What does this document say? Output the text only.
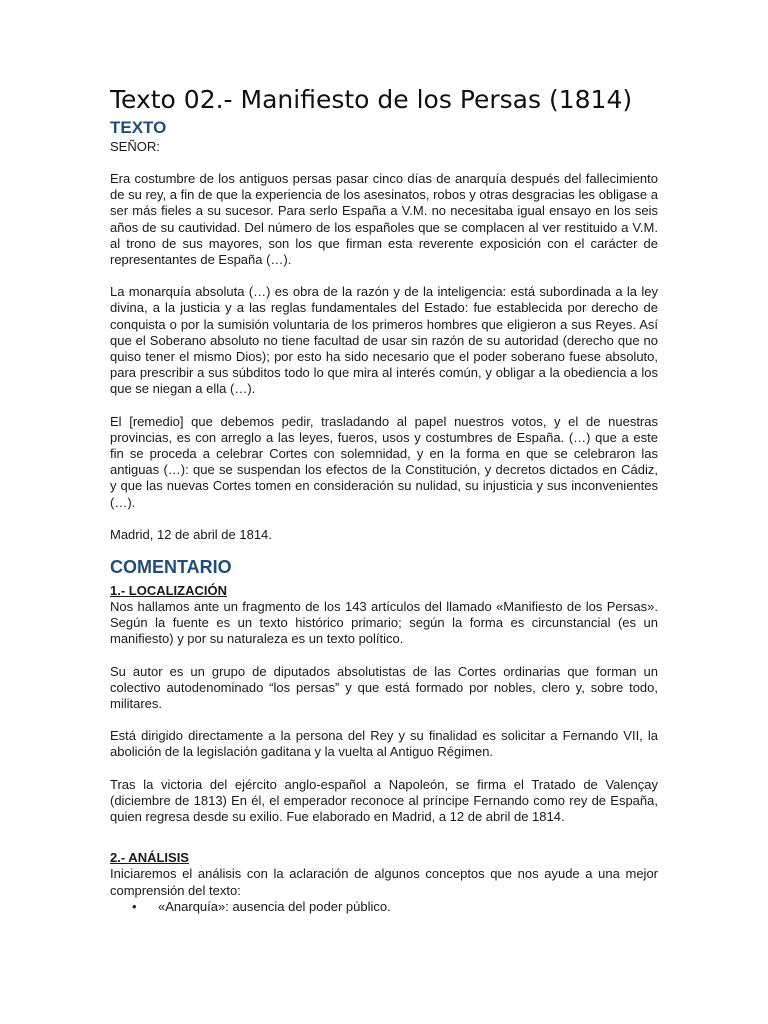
Texto 02.- Manifiesto de los Persas (1814)
TEXTO

SEÑOR:

Era costumbre de los antiguos persas pasar cinco días de anarquía después del fallecimiento de su rey, a fin de que la experiencia de los asesinatos, robos y otras desgracias les obligase a ser más fieles a su sucesor. Para serlo España a V.M. no necesitaba igual ensayo en los seis años de su cautividad. Del número de los españoles que se complacen al ver restituido a V.M. al trono de sus mayores, son los que firman esta reverente exposición con el carácter de representantes de España (…).

La monarquía absoluta (…) es obra de la razón y de la inteligencia: está subordinada a la ley divina, a la justicia y a las reglas fundamentales del Estado: fue establecida por derecho de conquista o por la sumisión voluntaria de los primeros hombres que eligieron a sus Reyes. Así que el Soberano absoluto no tiene facultad de usar sin razón de su autoridad (derecho que no quiso tener el mismo Dios); por esto ha sido necesario que el poder soberano fuese absoluto, para prescribir a sus súbditos todo lo que mira al interés común, y obligar a la obediencia a los que se niegan a ella (…).

El [remedio] que debemos pedir, trasladando al papel nuestros votos, y el de nuestras provincias, es con arreglo a las leyes, fueros, usos y costumbres de España. (…) que a este fin se proceda a celebrar Cortes con solemnidad, y en la forma en que se celebraron las antiguas (…): que se suspendan los efectos de la Constitución, y decretos dictados en Cádiz, y que las nuevas Cortes tomen en consideración su nulidad, su injusticia y sus inconvenientes (…).

Madrid, 12 de abril de 1814.

COMENTARIO

1.- LOCALIZACIÓN

Nos hallamos ante un fragmento de los 143 artículos del llamado «Manifiesto de los Persas». Según la fuente es un texto histórico primario; según la forma es circunstancial (es un manifiesto) y por su naturaleza es un texto político.

Su autor es un grupo de diputados absolutistas de las Cortes ordinarias que forman un colectivo autodenominado “los persas” y que está formado por nobles, clero y, sobre todo, militares.

Está dirigido directamente a la persona del Rey y su finalidad es solicitar a Fernando VII, la abolición de la legislación gaditana y la vuelta al Antiguo Régimen.

Tras la victoria del ejército anglo-español a Napoleón, se firma el Tratado de Valençay (diciembre de 1813) En él, el emperador reconoce al príncipe Fernando como rey de España, quien regresa desde su exilio. Fue elaborado en Madrid, a 12 de abril de 1814.

2.- ANÁLISIS

Iniciaremos el análisis con la aclaración de algunos conceptos que nos ayude a una mejor comprensión del texto:

• «Anarquía»: ausencia del poder público.
